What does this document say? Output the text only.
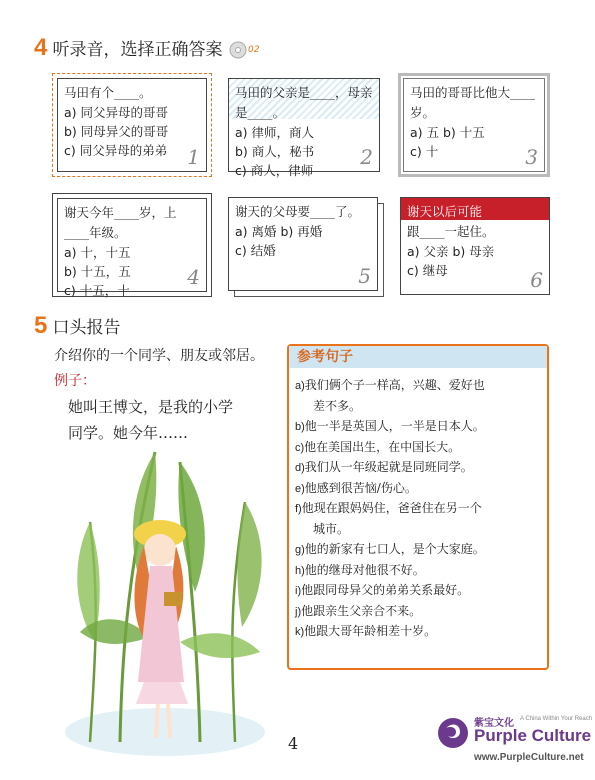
4 听录音，选择正确答案	02
马田有个____。
a) 同父异母的哥哥
b) 同母异父的哥哥
c) 同父异母的弟弟	1
马田的父亲是____，母亲是____。
a) 律师，商人
b) 商人，秘书
c) 商人，律师
2
马田的哥哥比他大____岁。
a) 五 b) 十五
c) 十	3
谢天今年____岁，上____年级。
a) 十，十五
b) 十五，五
c) 十五，十
4
谢天的父母要____了。
a) 离婚 b) 再婚
c) 结婚
5
谢天以后可能
跟____一起住。
a) 父亲 b) 母亲
c) 继母	6
5 口头报告
介绍你的一个同学、朋友或邻居。
例子：
她叫王博文，是我的小学
同学。她今年……
参考句子
a)我们俩个子一样高，兴趣、爱好也
差不多。
b)他一半是英国人，一半是日本人。
c)他在美国出生，在中国长大。
d)我们从一年级起就是同班同学。
e)他感到很苦恼/伤心。
f)他现在跟妈妈住，爸爸住在另一个
城市。
g)他的新家有七口人，是个大家庭。
h)他的继母对他很不好。
i)他跟同母异父的弟弟关系最好。
j)他跟亲生父亲合不来。
k)他跟大哥年龄相差十岁。
4
紫宝文化 A China Within Your Reach
Purple Culture
www.PurpleCulture.net
